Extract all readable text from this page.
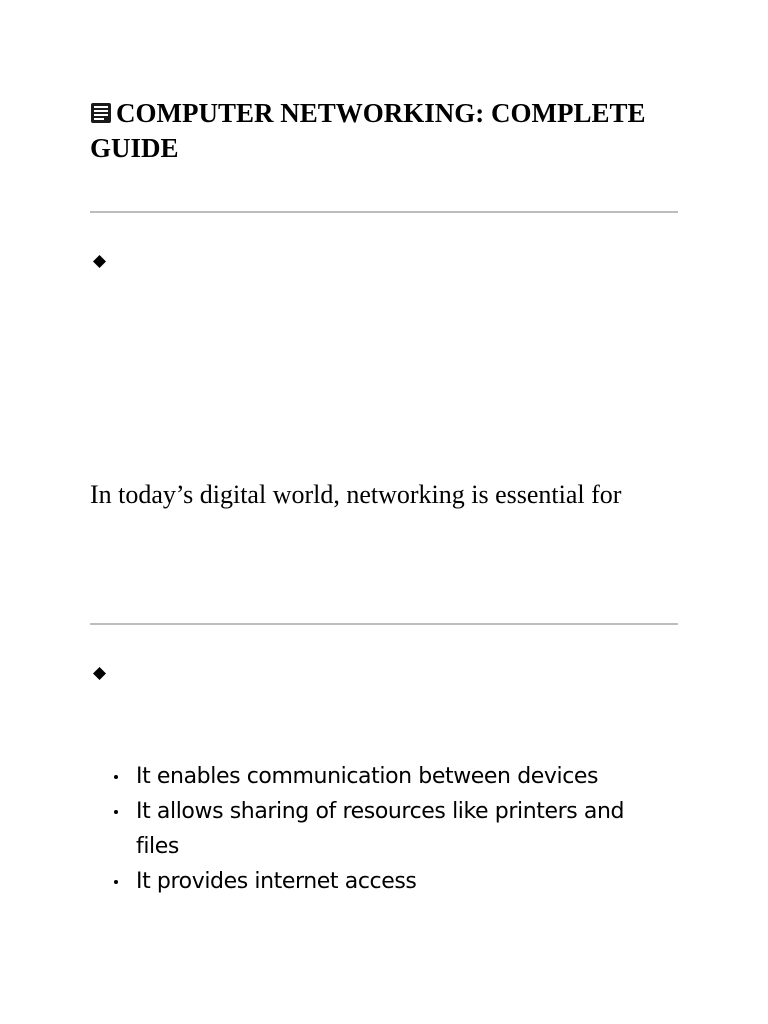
COMPUTER NETWORKING: COMPLETE GUIDE

In today’s digital world, networking is essential for

It enables communication between devices
It allows sharing of resources like printers and files
It provides internet access
